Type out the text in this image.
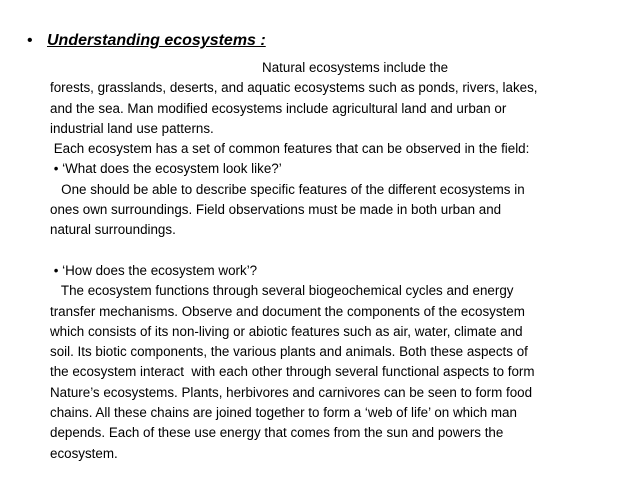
• Understanding ecosystems :
Natural ecosystems include the
forests, grasslands, deserts, and aquatic ecosystems such as ponds, rivers, lakes,
and the sea. Man modified ecosystems include agricultural land and urban or
industrial land use patterns.
Each ecosystem has a set of common features that can be observed in the field:
• ‘What does the ecosystem look like?’
One should be able to describe specific features of the different ecosystems in
ones own surroundings. Field observations must be made in both urban and
natural surroundings.
• ‘How does the ecosystem work’?
The ecosystem functions through several biogeochemical cycles and energy
transfer mechanisms. Observe and document the components of the ecosystem
which consists of its non-living or abiotic features such as air, water, climate and
soil. Its biotic components, the various plants and animals. Both these aspects of
the ecosystem interact  with each other through several functional aspects to form
Nature’s ecosystems. Plants, herbivores and carnivores can be seen to form food
chains. All these chains are joined together to form a ‘web of life’ on which man
depends. Each of these use energy that comes from the sun and powers the
ecosystem.
